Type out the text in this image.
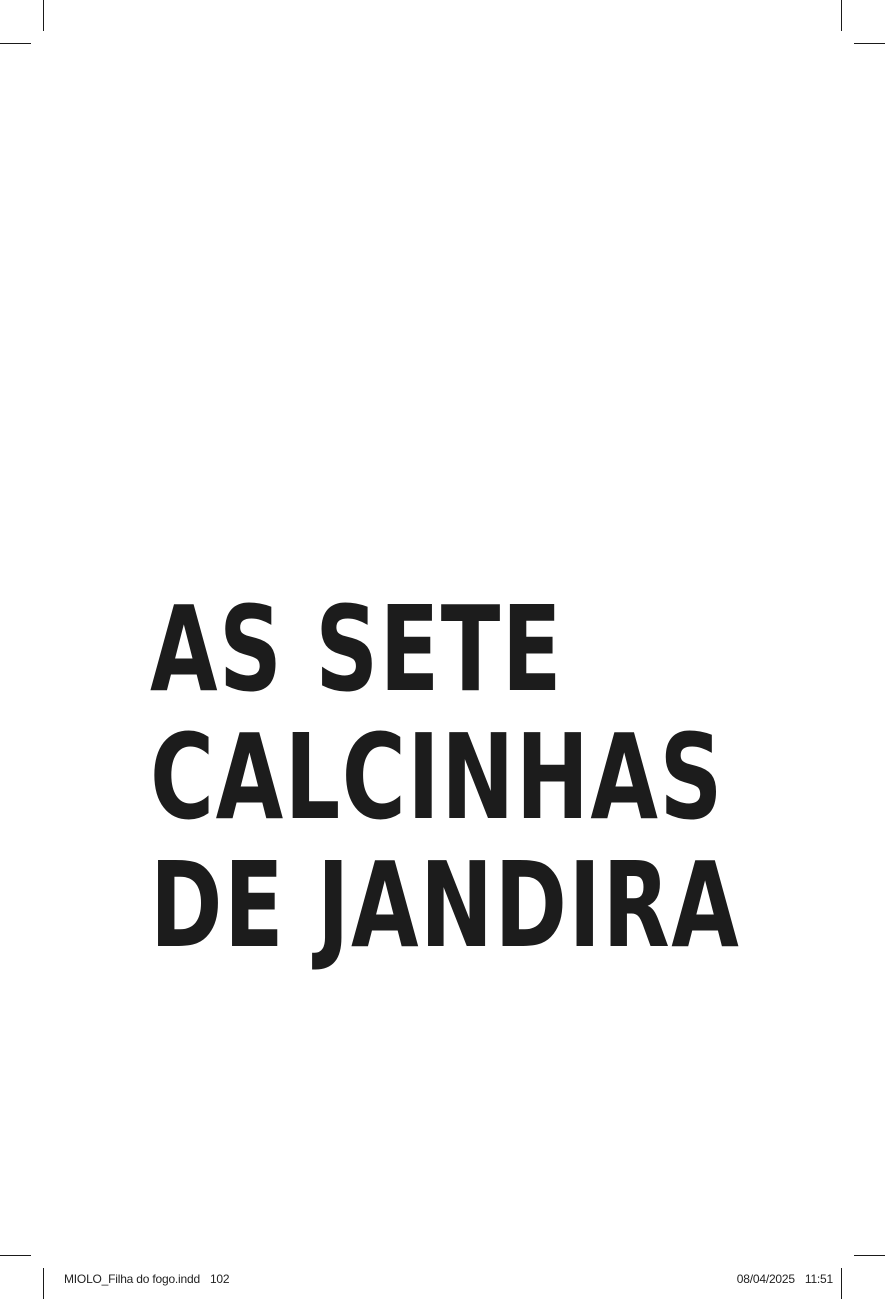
AS SETE
CALCINHAS
DE JANDIRA
MIOLO_Filha do fogo.indd 102	08/04/2025 11:51
